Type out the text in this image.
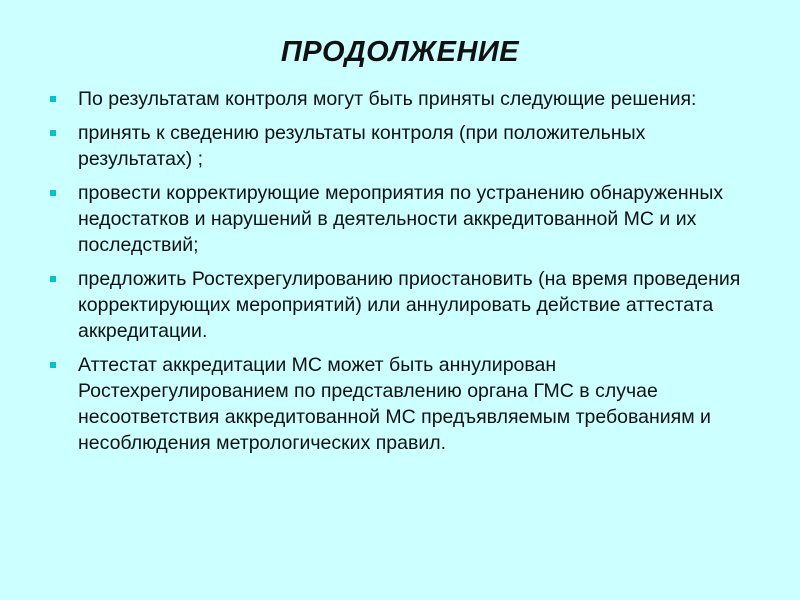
ПРОДОЛЖЕНИЕ
По результатам контроля могут быть приняты следующие решения:
принять к сведению результаты контроля (при положительных результатах) ;
провести корректирующие мероприятия по устранению обнаруженных недостатков и нарушений в деятельности аккредитованной МС и их последствий;
предложить Ростехрегулированию приостановить (на время проведения корректирующих мероприятий) или аннулировать действие аттестата аккредитации.
Аттестат аккредитации МС может быть аннулирован Ростехрегулированием по представлению органа ГМС в случае несоответствия аккредитованной МС предъявляемым требованиям и несоблюдения метрологических правил.
